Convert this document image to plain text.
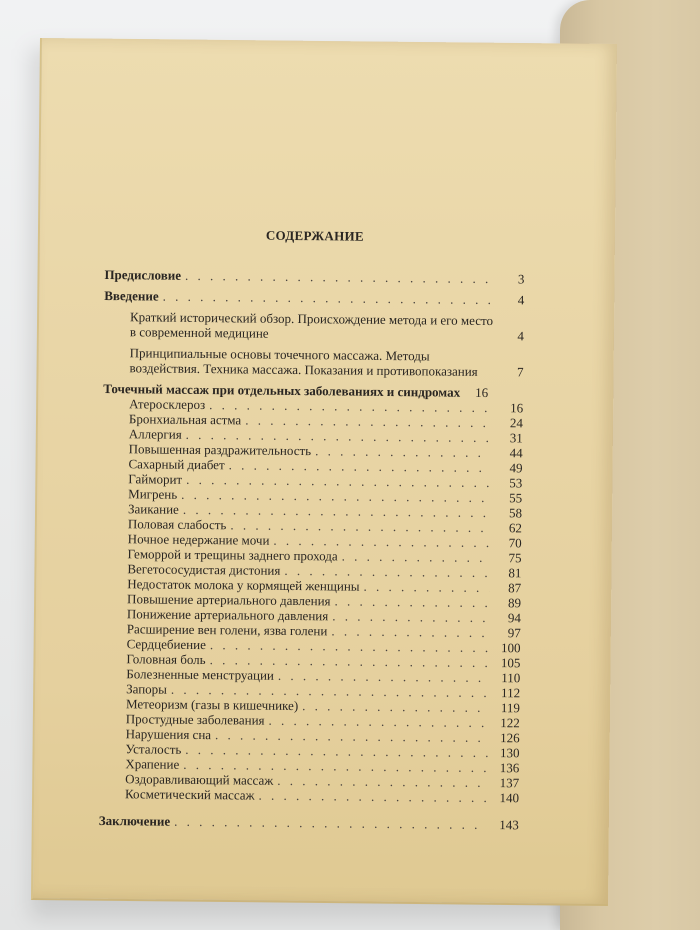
СОДЕРЖАНИЕ
Предисловие . . .	3
Введение . . .	4
Краткий исторический обзор. Происхождение метода и его место в современной медицине	4
Принципиальные основы точечного массажа. Методы воздействия. Техника массажа. Показания и противопоказания	7
Точечный массаж при отдельных заболеваниях и синдромах	16
Атеросклероз . . .	16
Бронхиальная астма . . .	24
Аллергия . . .	31
Повышенная раздражительность . . .	44
Сахарный диабет . . .	49
Гайморит . . .	53
Мигрень . . .	55
Заикание . . .	58
Половая слабость . . .	62
Ночное недержание мочи . . .	70
Геморрой и трещины заднего прохода . . .	75
Вегетососудистая дистония . . .	81
Недостаток молока у кормящей женщины . . .	87
Повышение артериального давления . . .	89
Понижение артериального давления . . .	94
Расширение вен голени, язва голени . . .	97
Сердцебиение . . .	100
Головная боль . . .	105
Болезненные менструации . . .	110
Запоры . . .	112
Метеоризм (газы в кишечнике) . . .	119
Простудные заболевания . . .	122
Нарушения сна . . .	126
Усталость . . .	130
Храпение . . .	136
Оздоравливающий массаж . . .	137
Косметический массаж . . .	140
Заключение . . .	143
